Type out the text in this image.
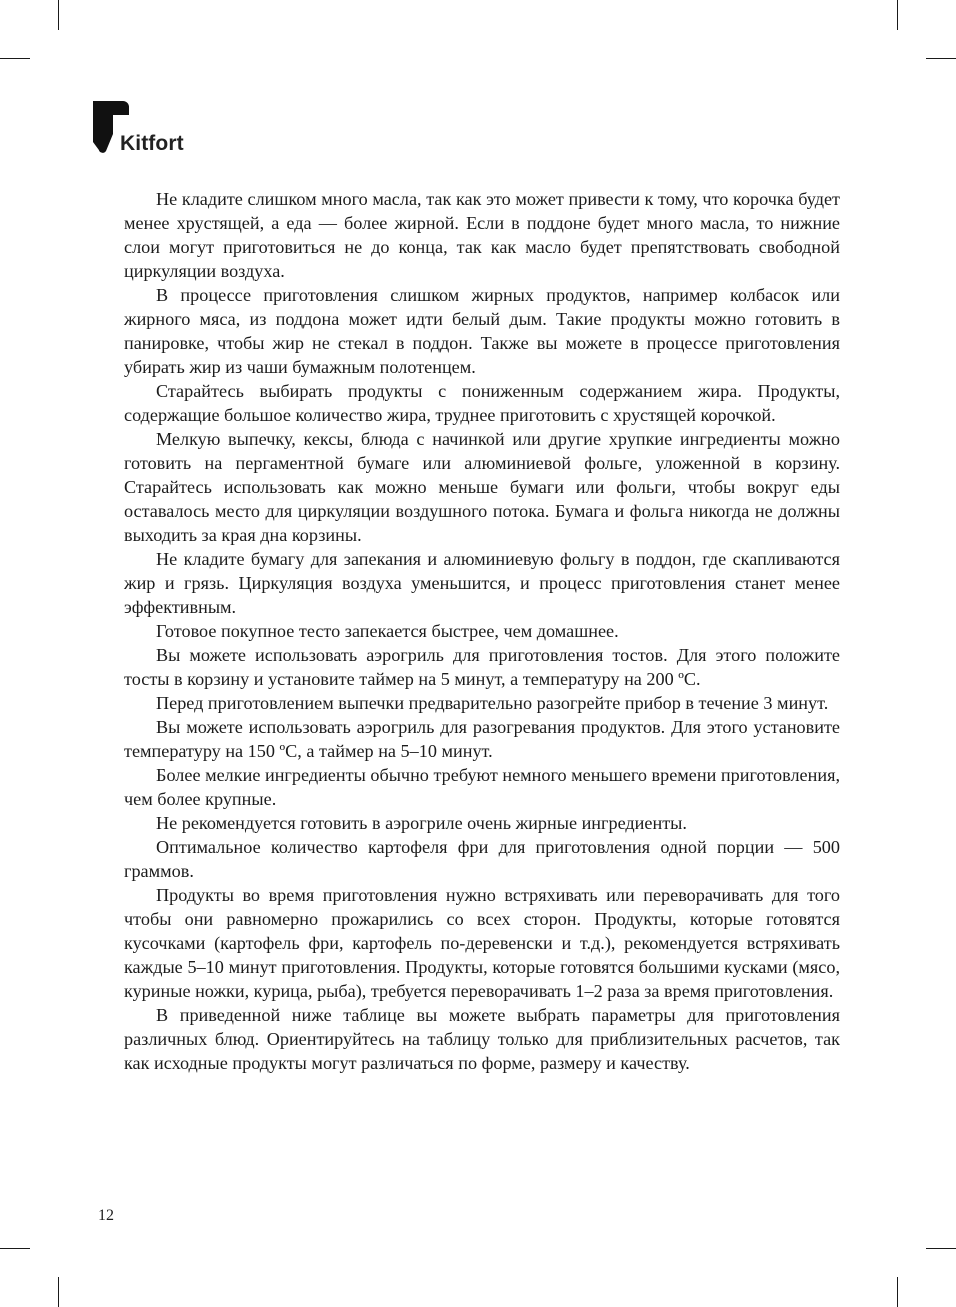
Kitfort

Не кладите слишком много масла, так как это может привести к тому, что корочка будет менее хрустящей, а еда — более жирной. Если в поддоне будет много масла, то нижние слои могут приготовиться не до конца, так как масло будет препятствовать свободной циркуляции воздуха.

В процессе приготовления слишком жирных продуктов, например колбасок или жирного мяса, из поддона может идти белый дым. Такие продукты можно готовить в панировке, чтобы жир не стекал в поддон. Также вы можете в процессе приготовления убирать жир из чаши бумажным полотенцем.

Старайтесь выбирать продукты с пониженным содержанием жира. Продукты, содержащие большое количество жира, труднее приготовить с хрустящей корочкой.

Мелкую выпечку, кексы, блюда с начинкой или другие хрупкие ингредиенты можно готовить на пергаментной бумаге или алюминиевой фольге, уложенной в корзину. Старайтесь использовать как можно меньше бумаги или фольги, чтобы вокруг еды оставалось место для циркуляции воздушного потока. Бумага и фольга никогда не должны выходить за края дна корзины.

Не кладите бумагу для запекания и алюминиевую фольгу в поддон, где скапливаются жир и грязь. Циркуляция воздуха уменьшится, и процесс приготовления станет менее эффективным.

Готовое покупное тесто запекается быстрее, чем домашнее.

Вы можете использовать аэрогриль для приготовления тостов. Для этого положите тосты в корзину и установите таймер на 5 минут, а температуру на 200 ºС.

Перед приготовлением выпечки предварительно разогрейте прибор в течение 3 минут.

Вы можете использовать аэрогриль для разогревания продуктов. Для этого установите температуру на 150 ºС, а таймер на 5–10 минут.

Более мелкие ингредиенты обычно требуют немного меньшего времени приготовления, чем более крупные.

Не рекомендуется готовить в аэрогриле очень жирные ингредиенты.

Оптимальное количество картофеля фри для приготовления одной порции — 500 граммов.

Продукты во время приготовления нужно встряхивать или переворачивать для того чтобы они равномерно прожарились со всех сторон. Продукты, которые готовятся кусочками (картофель фри, картофель по-деревенски и т.д.), рекомендуется встряхивать каждые 5–10 минут приготовления. Продукты, которые готовятся большими кусками (мясо, куриные ножки, курица, рыба), требуется переворачивать 1–2 раза за время приготовления.

В приведенной ниже таблице вы можете выбрать параметры для приготовления различных блюд. Ориентируйтесь на таблицу только для приблизительных расчетов, так как исходные продукты могут различаться по форме, размеру и качеству.

12
